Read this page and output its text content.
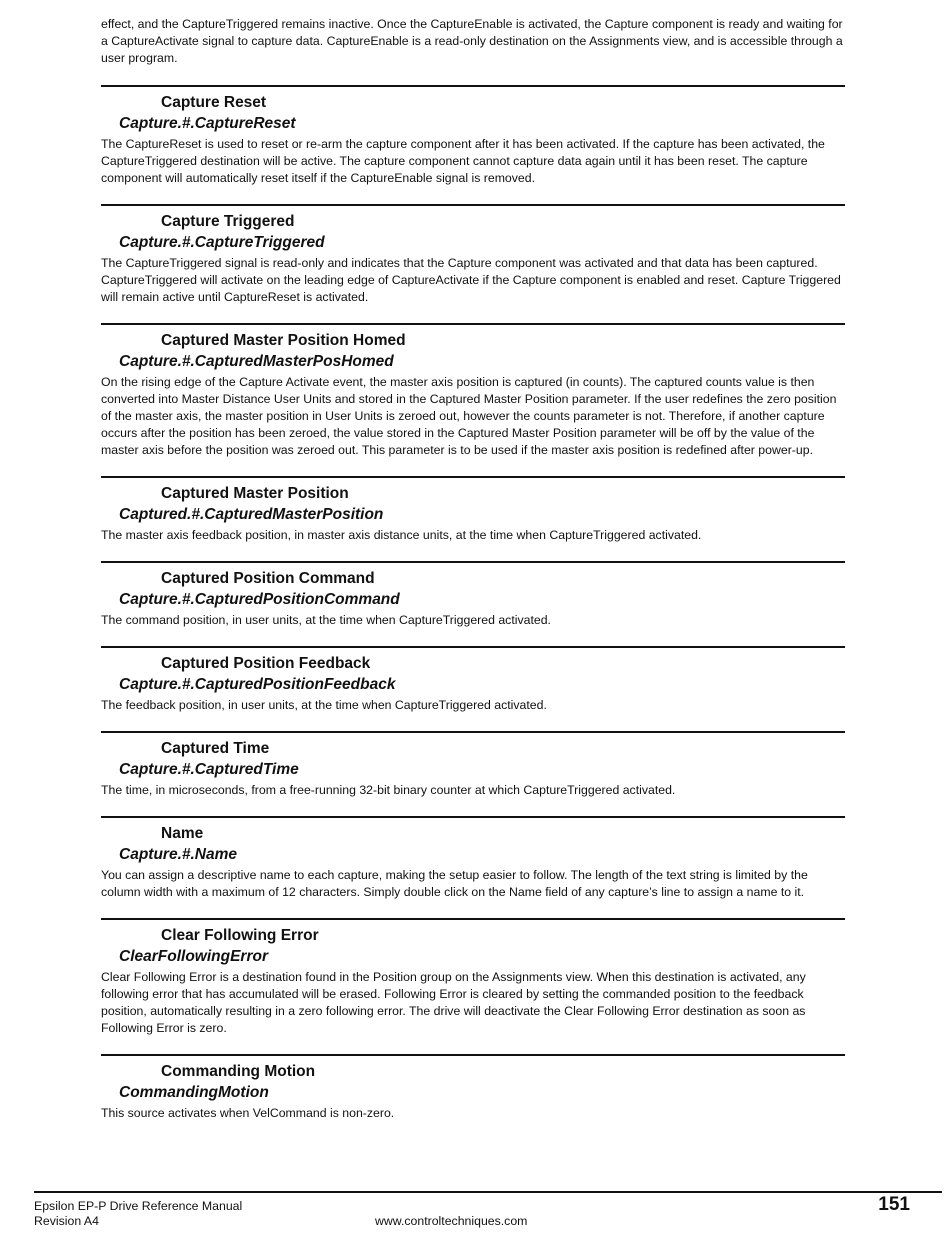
effect, and the CaptureTriggered remains inactive. Once the CaptureEnable is activated, the Capture component is ready and waiting for a CaptureActivate signal to capture data. CaptureEnable is a read-only destination on the Assignments view, and is accessible through a user program.

Capture Reset
Capture.#.CaptureReset

The CaptureReset is used to reset or re-arm the capture component after it has been activated. If the capture has been activated, the CaptureTriggered destination will be active. The capture component cannot capture data again until it has been reset. The capture component will automatically reset itself if the CaptureEnable signal is removed.

Capture Triggered
Capture.#.CaptureTriggered

The CaptureTriggered signal is read-only and indicates that the Capture component was activated and that data has been captured. CaptureTriggered will activate on the leading edge of CaptureActivate if the Capture component is enabled and reset. Capture Triggered will remain active until CaptureReset is activated.

Captured Master Position Homed
Capture.#.CapturedMasterPosHomed

On the rising edge of the Capture Activate event, the master axis position is captured (in counts). The captured counts value is then converted into Master Distance User Units and stored in the Captured Master Position parameter. If the user redefines the zero position of the master axis, the master position in User Units is zeroed out, however the counts parameter is not. Therefore, if another capture occurs after the position has been zeroed, the value stored in the Captured Master Position parameter will be off by the value of the master axis before the position was zeroed out. This parameter is to be used if the master axis position is redefined after power-up.

Captured Master Position
Captured.#.CapturedMasterPosition

The master axis feedback position, in master axis distance units, at the time when CaptureTriggered activated.

Captured Position Command
Capture.#.CapturedPositionCommand

The command position, in user units, at the time when CaptureTriggered activated.

Captured Position Feedback
Capture.#.CapturedPositionFeedback

The feedback position, in user units, at the time when CaptureTriggered activated.

Captured Time
Capture.#.CapturedTime

The time, in microseconds, from a free-running 32-bit binary counter at which CaptureTriggered activated.

Name
Capture.#.Name

You can assign a descriptive name to each capture, making the setup easier to follow. The length of the text string is limited by the column width with a maximum of 12 characters. Simply double click on the Name field of any capture’s line to assign a name to it.

Clear Following Error
ClearFollowingError

Clear Following Error is a destination found in the Position group on the Assignments view. When this destination is activated, any following error that has accumulated will be erased. Following Error is cleared by setting the commanded position to the feedback position, automatically resulting in a zero following error. The drive will deactivate the Clear Following Error destination as soon as Following Error is zero.

Commanding Motion
CommandingMotion

This source activates when VelCommand is non-zero.

Epsilon EP-P Drive Reference Manual
Revision A4	www.controltechniques.com
151
